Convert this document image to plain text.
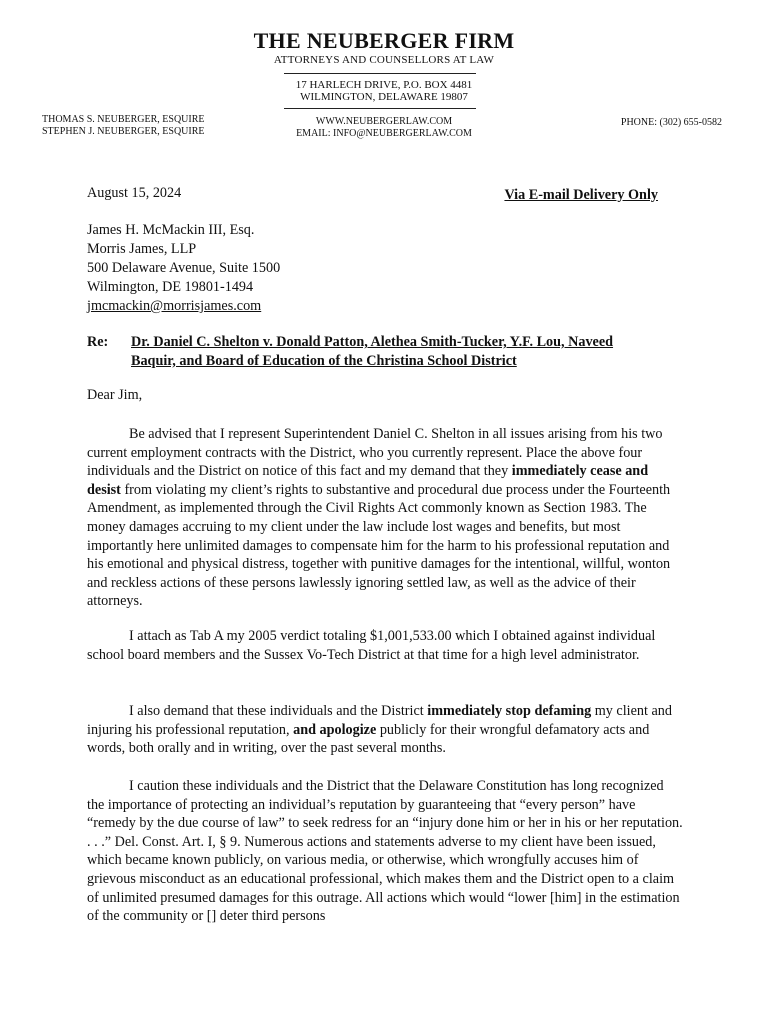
THE NEUBERGER FIRM
ATTORNEYS AND COUNSELLORS AT LAW
17 HARLECH DRIVE, P.O. BOX 4481
WILMINGTON, DELAWARE 19807
THOMAS S. NEUBERGER, ESQUIRE
STEPHEN J. NEUBERGER, ESQUIRE
WWW.NEUBERGERLAW.COM
EMAIL: INFO@NEUBERGERLAW.COM
PHONE: (302) 655-0582
August 15, 2024	Via E-mail Delivery Only
James H. McMackin III, Esq.
Morris James, LLP
500 Delaware Avenue, Suite 1500
Wilmington, DE 19801-1494
jmcmackin@morrisjames.com
Re: Dr. Daniel C. Shelton v. Donald Patton, Alethea Smith-Tucker, Y.F. Lou, Naveed
Baquir, and Board of Education of the Christina School District
Dear Jim,

Be advised that I represent Superintendent Daniel C. Shelton in all issues arising from his two current employment contracts with the District, who you currently represent. Place the above four individuals and the District on notice of this fact and my demand that they immediately cease and desist from violating my client’s rights to substantive and procedural due process under the Fourteenth Amendment, as implemented through the Civil Rights Act commonly known as Section 1983. The money damages accruing to my client under the law include lost wages and benefits, but most importantly here unlimited damages to compensate him for the harm to his professional reputation and his emotional and physical distress, together with punitive damages for the intentional, willful, wonton and reckless actions of these persons lawlessly ignoring settled law, as well as the advice of their attorneys.

I attach as Tab A my 2005 verdict totaling $1,001,533.00 which I obtained against individual school board members and the Sussex Vo-Tech District at that time for a high level administrator.

I also demand that these individuals and the District immediately stop defaming my client and injuring his professional reputation, and apologize publicly for their wrongful defamatory acts and words, both orally and in writing, over the past several months.

I caution these individuals and the District that the Delaware Constitution has long recognized the importance of protecting an individual’s reputation by guaranteeing that “every person” have “remedy by the due course of law” to seek redress for an “injury done him or her in his or her reputation. . . .” Del. Const. Art. I, § 9. Numerous actions and statements adverse to my client have been issued, which became known publicly, on various media, or otherwise, which wrongfully accuses him of grievous misconduct as an educational professional, which makes them and the District open to a claim of unlimited presumed damages for this outrage. All actions which would “lower [him] in the estimation of the community or [] deter third persons
